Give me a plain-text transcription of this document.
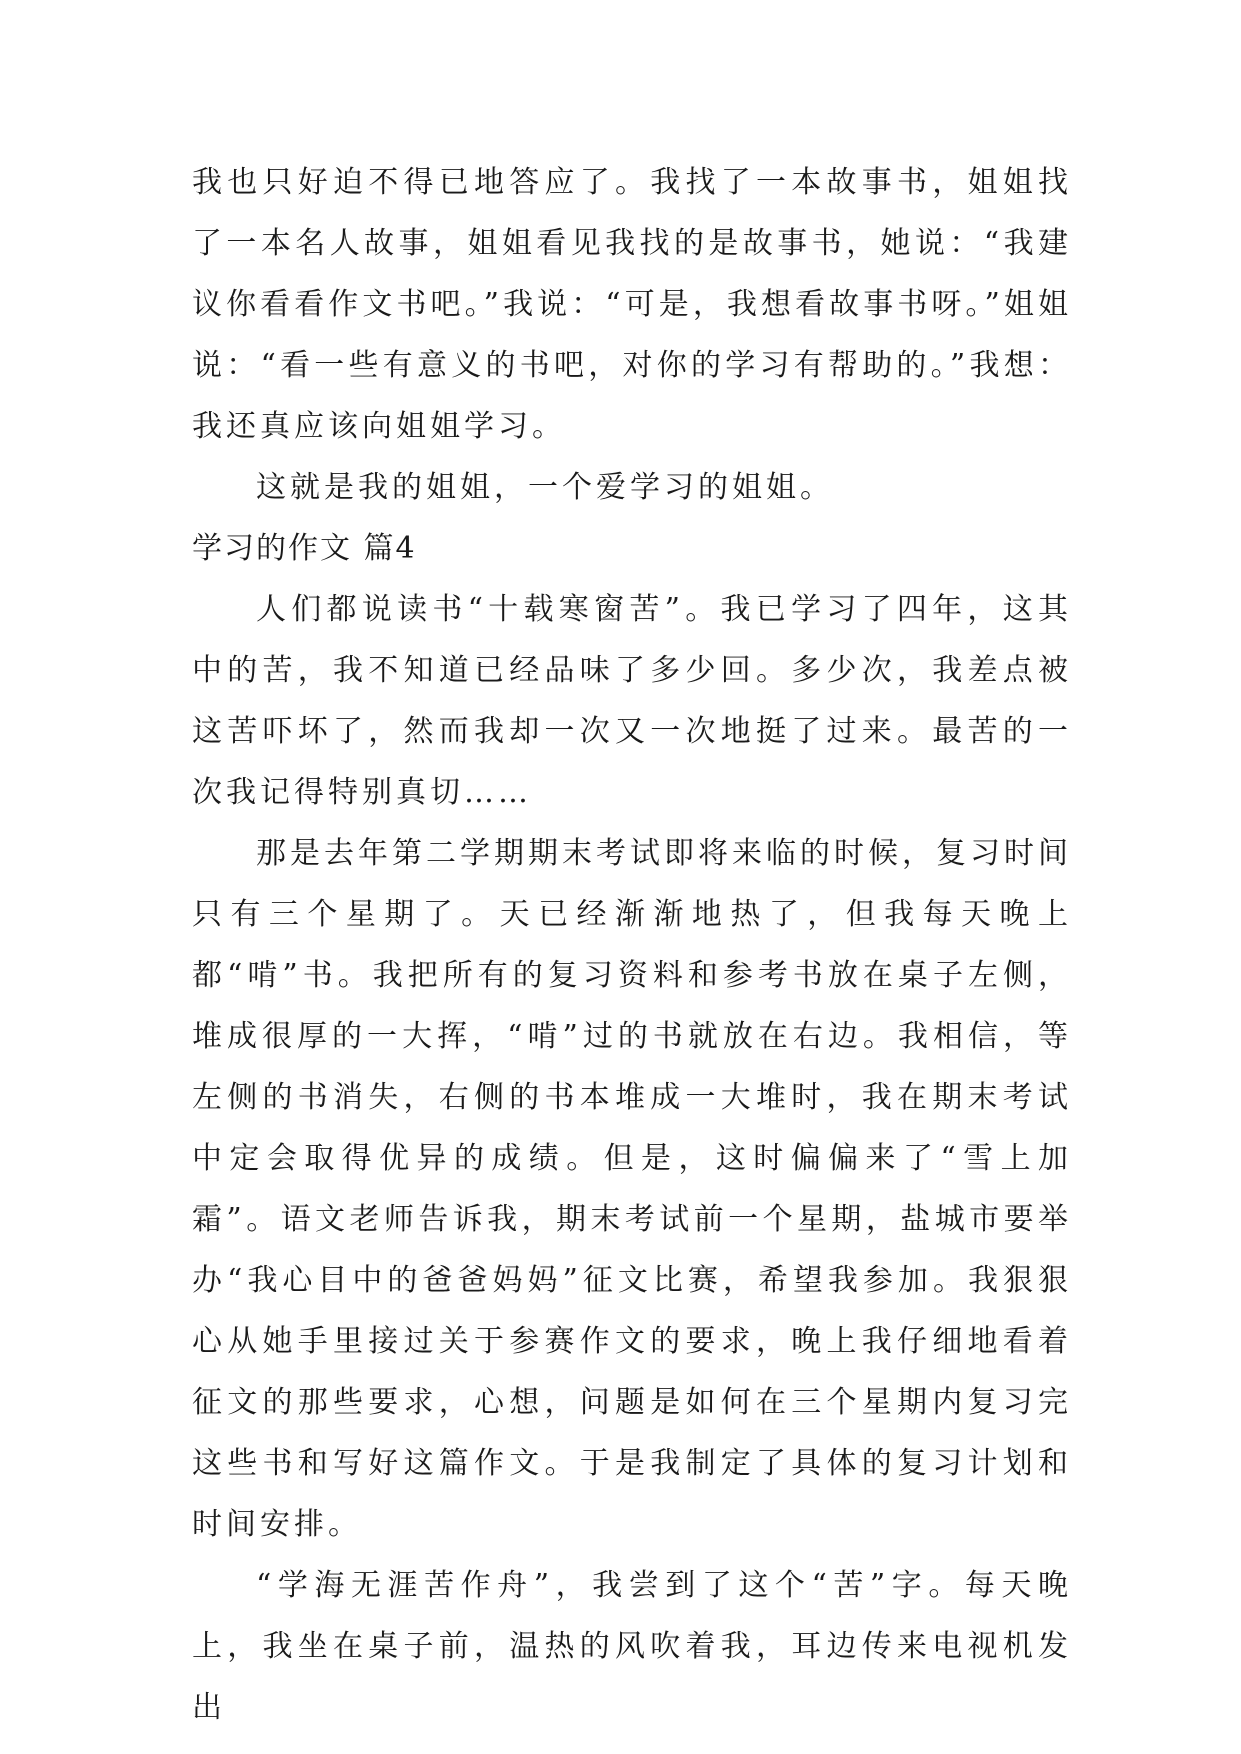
我也只好迫不得已地答应了。我找了一本故事书，姐姐找了一本名人故事，姐姐看见我找的是故事书，她说：“我建议你看看作文书吧。”我说：“可是，我想看故事书呀。”姐姐说：“看一些有意义的书吧，对你的学习有帮助的。”我想：我还真应该向姐姐学习。

这就是我的姐姐，一个爱学习的姐姐。

学习的作文 篇4

人们都说读书“十载寒窗苦”。我已学习了四年，这其中的苦，我不知道已经品味了多少回。多少次，我差点被这苦吓坏了，然而我却一次又一次地挺了过来。最苦的一次我记得特别真切……

那是去年第二学期期末考试即将来临的时候，复习时间只有三个星期了。天已经渐渐地热了，但我每天晚上都“啃”书。我把所有的复习资料和参考书放在桌子左侧，堆成很厚的一大挥，“啃”过的书就放在右边。我相信，等左侧的书消失，右侧的书本堆成一大堆时，我在期末考试中定会取得优异的成绩。但是，这时偏偏来了“雪上加霜”。语文老师告诉我，期末考试前一个星期，盐城市要举办“我心目中的爸爸妈妈”征文比赛，希望我参加。我狠狠心从她手里接过关于参赛作文的要求，晚上我仔细地看着征文的那些要求，心想，问题是如何在三个星期内复习完这些书和写好这篇作文。于是我制定了具体的复习计划和时间安排。

“学海无涯苦作舟”，我尝到了这个“苦”字。每天晚上，我坐在桌子前，温热的风吹着我，耳边传来电视机发出
